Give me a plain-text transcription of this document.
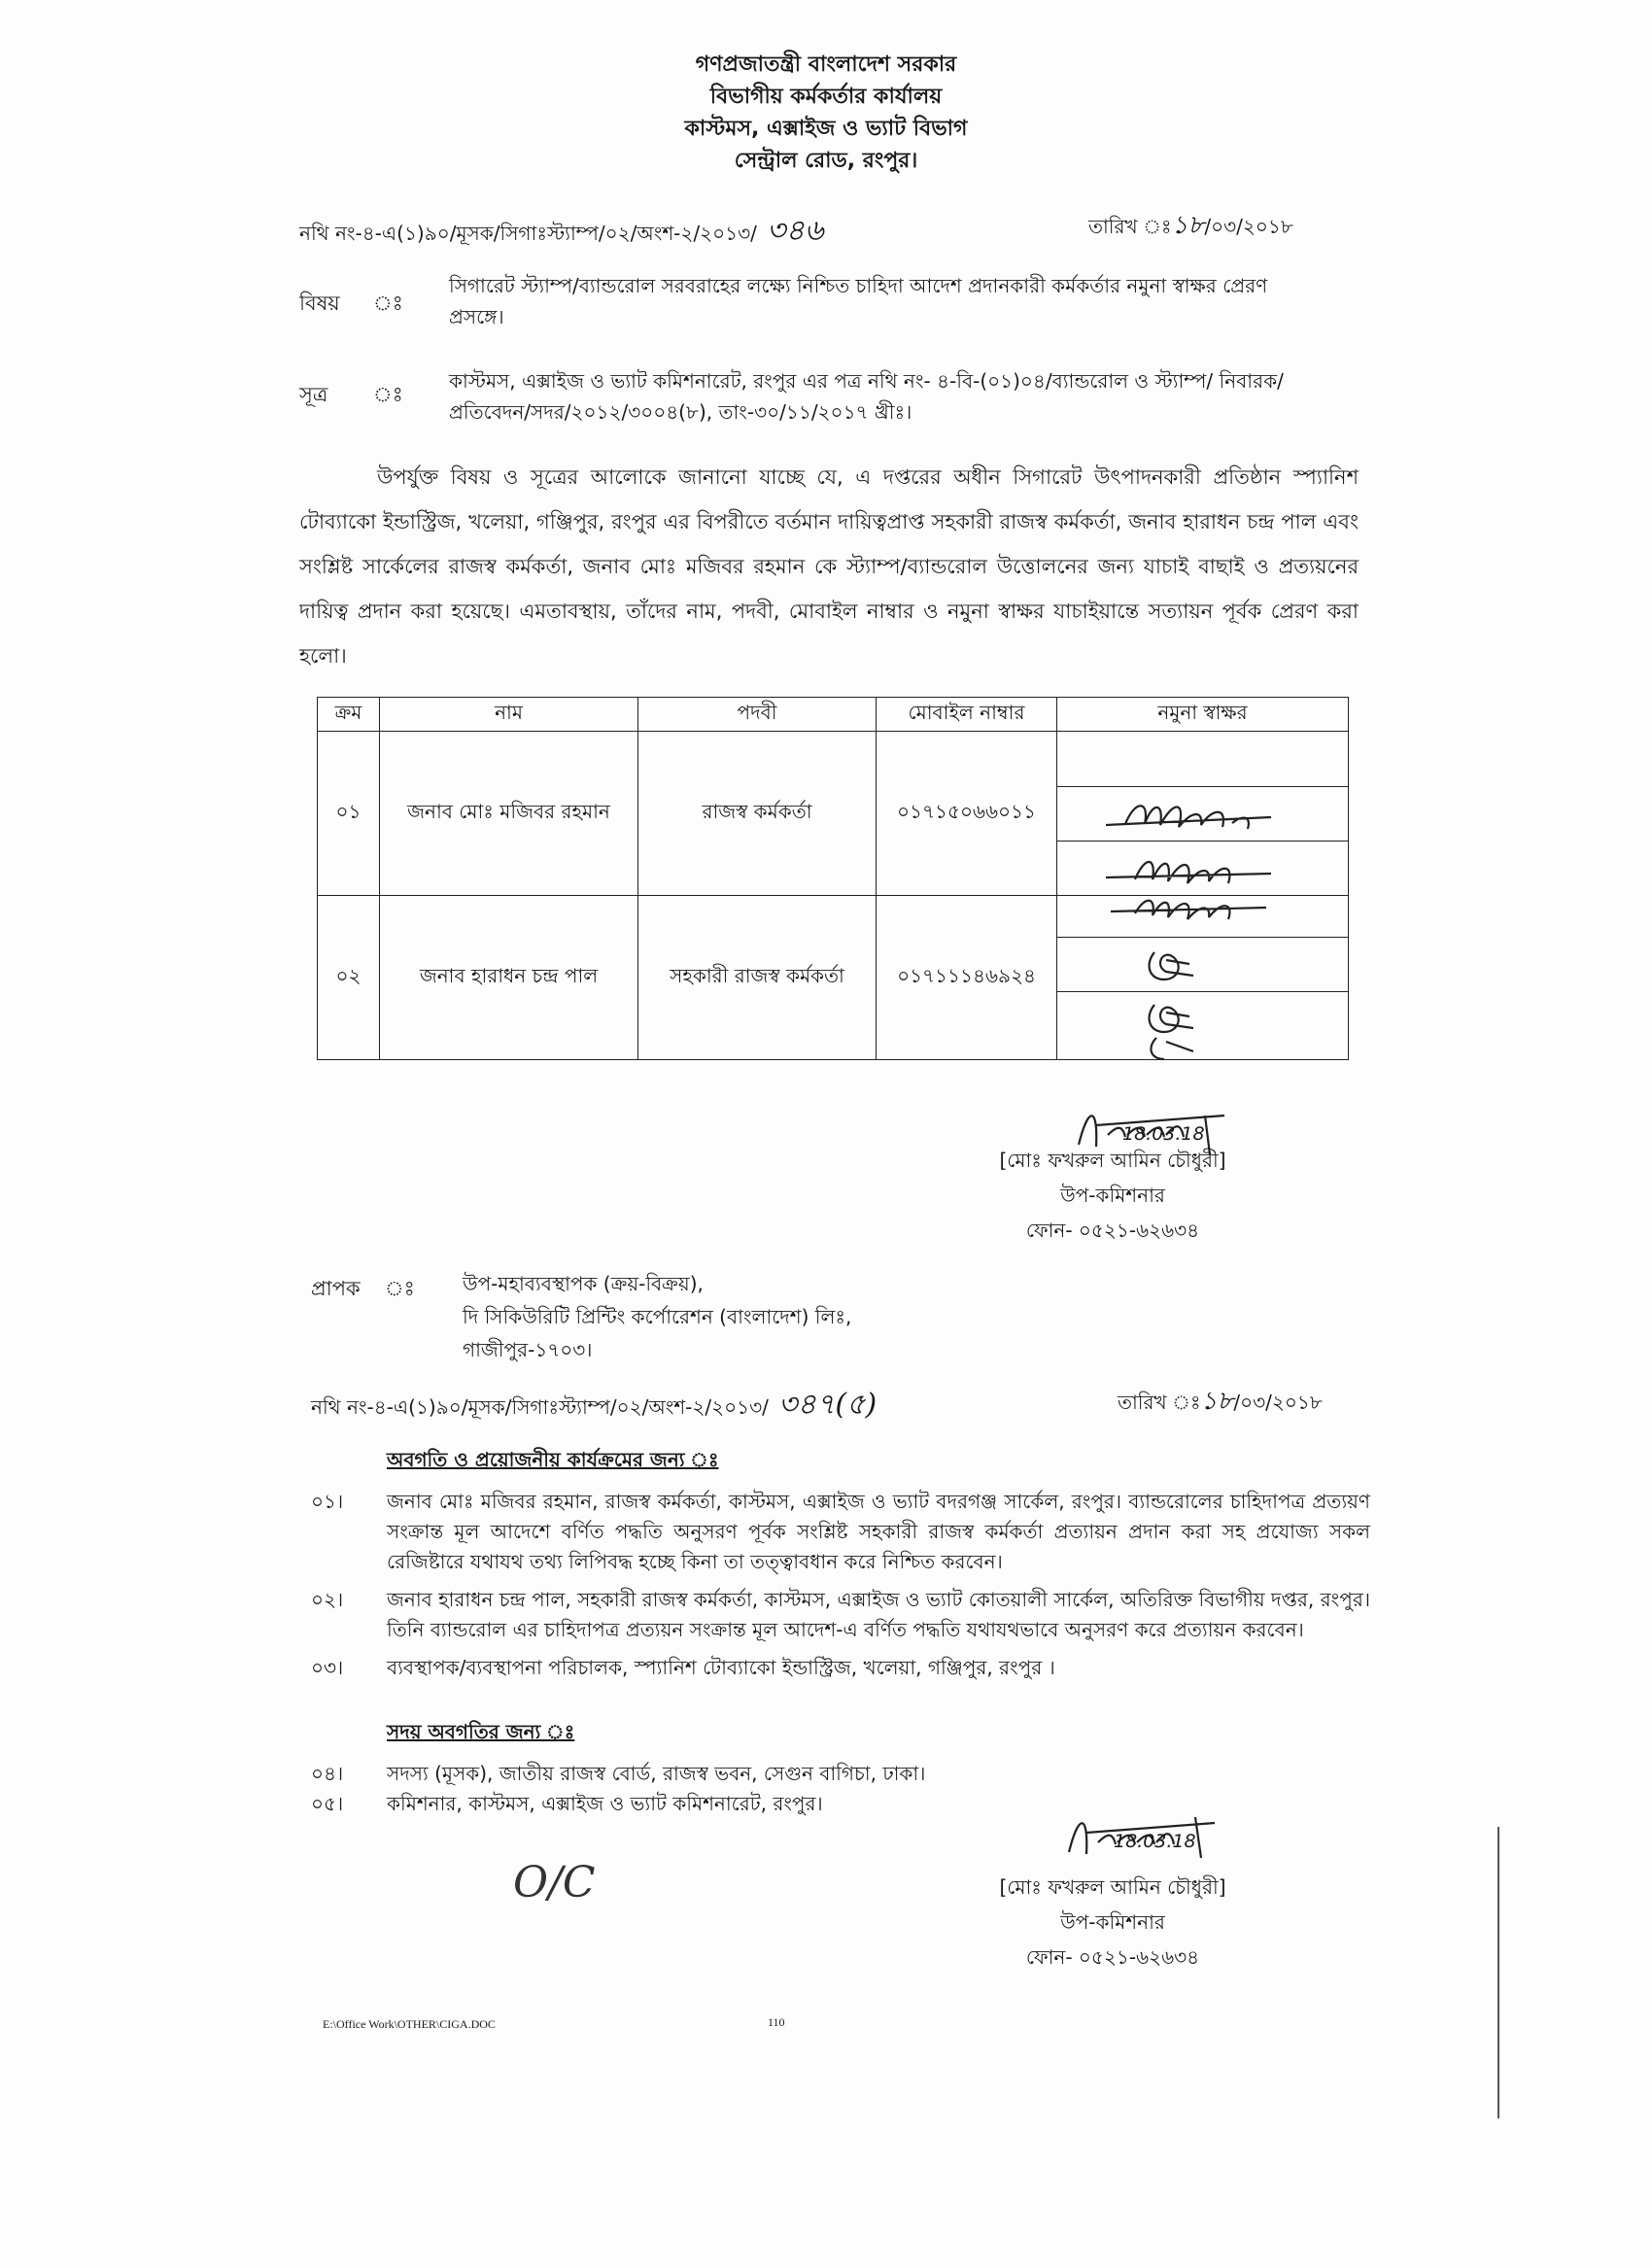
গণপ্রজাতন্ত্রী বাংলাদেশ সরকার
বিভাগীয় কর্মকর্তার কার্যালয়
কাস্টমস, এক্সাইজ ও ভ্যাট বিভাগ
সেন্ট্রাল রোড, রংপুর।
নথি নং-৪-এ(১)৯০/মূসক/সিগাঃস্ট্যাম্প/০২/অংশ-২/২০১৩/ ৩৪৬	তারিখ ঃ১৮/০৩/২০১৮
বিষয় ঃ
সিগারেট স্ট্যাম্প/ব্যান্ডরোল সরবরাহের লক্ষ্যে নিশ্চিত চাহিদা আদেশ প্রদানকারী কর্মকর্তার নমুনা স্বাক্ষর প্রেরণ প্রসঙ্গে।
সূত্র ঃ
কাস্টমস, এক্সাইজ ও ভ্যাট কমিশনারেট, রংপুর এর পত্র নথি নং- ৪-বি-(০১)০৪/ব্যান্ডরোল ও স্ট্যাম্প/ নিবারক/প্রতিবেদন/সদর/২০১২/৩০০৪(৮), তাং-৩০/১১/২০১৭ খ্রীঃ।
উপর্যুক্ত বিষয় ও সূত্রের আলোকে জানানো যাচ্ছে যে, এ দপ্তরের অধীন সিগারেট উৎপাদনকারী প্রতিষ্ঠান স্প্যানিশ টোব্যাকো ইন্ডাস্ট্রিজ, খলেয়া, গঞ্জিপুর, রংপুর এর বিপরীতে বর্তমান দায়িত্বপ্রাপ্ত সহকারী রাজস্ব কর্মকর্তা, জনাব হারাধন চন্দ্র পাল এবং সংশ্লিষ্ট সার্কেলের রাজস্ব কর্মকর্তা, জনাব মোঃ মজিবর রহমান কে স্ট্যাম্প/ব্যান্ডরোল উত্তোলনের জন্য যাচাই বাছাই ও প্রত্যয়নের দায়িত্ব প্রদান করা হয়েছে। এমতাবস্থায়, তাঁদের নাম, পদবী, মোবাইল নাম্বার ও নমুনা স্বাক্ষর যাচাইয়ান্তে সত্যায়ন পূর্বক প্রেরণ করা হলো।
ক্রম	নাম	পদবী	মোবাইল নাম্বার	নমুনা স্বাক্ষর
০১	জনাব মোঃ মজিবর রহমান	রাজস্ব কর্মকর্তা	০১৭১৫০৬৬০১১	

০২	জনাব হারাধন চন্দ্র পাল	সহকারী রাজস্ব কর্মকর্তা	০১৭১১১৪৬৯২৪	
18.03.18
[মোঃ ফখরুল আমিন চৌধুরী]
উপ-কমিশনার
ফোন- ০৫২১-৬২৬৩৪
প্রাপক ঃ উপ-মহাব্যবস্থাপক (ক্রয়-বিক্রয়),
দি সিকিউরিটি প্রিন্টিং কর্পোরেশন (বাংলাদেশ) লিঃ,
গাজীপুর-১৭০৩।
নথি নং-৪-এ(১)৯০/মূসক/সিগাঃস্ট্যাম্প/০২/অংশ-২/২০১৩/ ৩৪৭(৫)	তারিখ ঃ১৮/০৩/২০১৮
অবগতি ও প্রয়োজনীয় কার্যক্রমের জন্য ঃ
০১।	জনাব মোঃ মজিবর রহমান, রাজস্ব কর্মকর্তা, কাস্টমস, এক্সাইজ ও ভ্যাট বদরগঞ্জ সার্কেল, রংপুর। ব্যান্ডরোলের চাহিদাপত্র প্রত্যয়ণ সংক্রান্ত মূল আদেশে বর্ণিত পদ্ধতি অনুসরণ পূর্বক সংশ্লিষ্ট সহকারী রাজস্ব কর্মকর্তা প্রত্যায়ন প্রদান করা সহ প্রযোজ্য সকল রেজিষ্টারে যথাযথ তথ্য লিপিবদ্ধ হচ্ছে কিনা তা তত্ত্বাবধান করে নিশ্চিত করবেন।
০২।	জনাব হারাধন চন্দ্র পাল, সহকারী রাজস্ব কর্মকর্তা, কাস্টমস, এক্সাইজ ও ভ্যাট কোতয়ালী সার্কেল, অতিরিক্ত বিভাগীয় দপ্তর, রংপুর। তিনি ব্যান্ডরোল এর চাহিদাপত্র প্রত্যয়ন সংক্রান্ত মূল আদেশ-এ বর্ণিত পদ্ধতি যথাযথভাবে অনুসরণ করে প্রত্যায়ন করবেন।
০৩।	ব্যবস্থাপক/ব্যবস্থাপনা পরিচালক, স্প্যানিশ টোব্যাকো ইন্ডাস্ট্রিজ, খলেয়া, গঞ্জিপুর, রংপুর ।
সদয় অবগতির জন্য ঃ
০৪।	সদস্য (মূসক), জাতীয় রাজস্ব বোর্ড, রাজস্ব ভবন, সেগুন বাগিচা, ঢাকা।
০৫।	কমিশনার, কাস্টমস, এক্সাইজ ও ভ্যাট কমিশনারেট, রংপুর।
O/C
18.03.18
[মোঃ ফখরুল আমিন চৌধুরী]
উপ-কমিশনার
ফোন- ০৫২১-৬২৬৩৪
E:\Office Work\OTHER\CIGA.DOC	110
